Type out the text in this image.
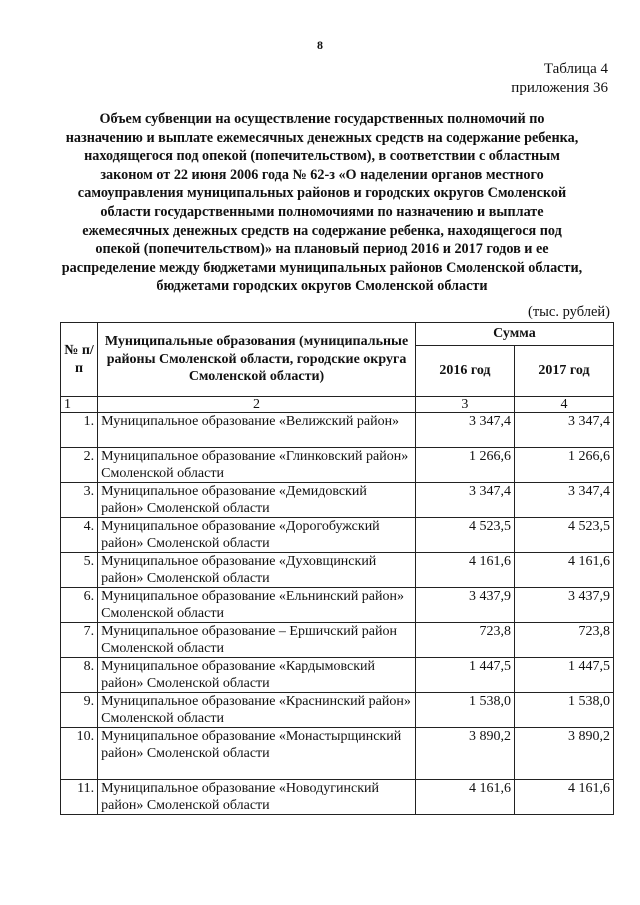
8
Таблица 4
приложения 36
Объем субвенции на осуществление государственных полномочий по назначению и выплате ежемесячных денежных средств на содержание ребенка, находящегося под опекой (попечительством), в соответствии с областным законом от 22 июня 2006 года № 62-з «О наделении органов местного самоуправления муниципальных районов и городских округов Смоленской области государственными полномочиями по назначению и выплате ежемесячных денежных средств на содержание ребенка, находящегося под опекой (попечительством)» на плановый период 2016 и 2017 годов и ее распределение между бюджетами муниципальных районов Смоленской области, бюджетами городских округов Смоленской области
(тыс. рублей)
№ п/п	Муниципальные образования (муниципальные районы Смоленской области, городские округа Смоленской области)	Сумма	
		2016 год	2017 год
1	2	3	4
1.	Муниципальное образование «Велижский район»	3 347,4	3 347,4
2.	Муниципальное образование «Глинковский район» Смоленской области	1 266,6	1 266,6
3.	Муниципальное образование «Демидовский район» Смоленской области	3 347,4	3 347,4
4.	Муниципальное образование «Дорогобужский район» Смоленской области	4 523,5	4 523,5
5.	Муниципальное образование «Духовщинский район» Смоленской области	4 161,6	4 161,6
6.	Муниципальное образование «Ельнинский район» Смоленской области	3 437,9	3 437,9
7.	Муниципальное образование – Ершичский район Смоленской области	723,8	723,8
8.	Муниципальное образование «Кардымовский район» Смоленской области	1 447,5	1 447,5
9.	Муниципальное образование «Краснинский район» Смоленской области	1 538,0	1 538,0
10.	Муниципальное образование «Монастырщинский район» Смоленской области	3 890,2	3 890,2
11.	Муниципальное образование «Новодугинский район» Смоленской области	4 161,6	4 161,6
